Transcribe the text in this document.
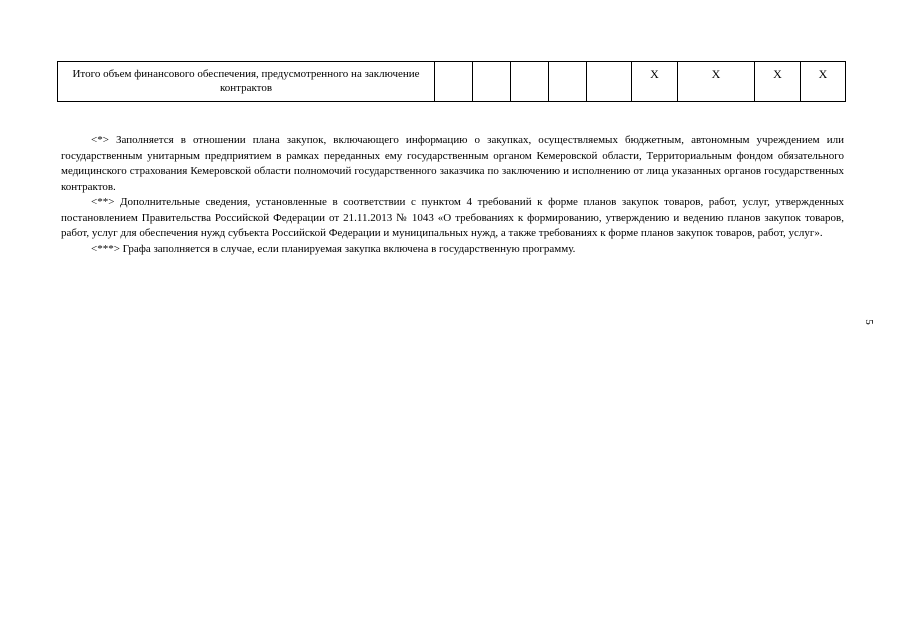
Итого объем финансового обеспечения, предусмотренного на заключение контрактов						X	X	X	X

<*> Заполняется в отношении плана закупок, включающего информацию о закупках, осуществляемых бюджетным, автономным учреждением или государственным унитарным предприятием в рамках переданных ему государственным органом Кемеровской области, Территориальным фондом обязательного медицинского страхования Кемеровской области полномочий государственного заказчика по заключению и исполнению от лица указанных органов государственных контрактов.

<**> Дополнительные сведения, установленные в соответствии с пунктом 4 требований к форме планов закупок товаров, работ, услуг, утвержденных постановлением Правительства Российской Федерации от 21.11.2013 № 1043 «О требованиях к формированию, утверждению и ведению планов закупок товаров, работ, услуг для обеспечения нужд субъекта Российской Федерации и муниципальных нужд, а также требованиях к форме планов закупок товаров, работ, услуг».

<***> Графа заполняется в случае, если планируемая закупка включена в государственную программу.

5
